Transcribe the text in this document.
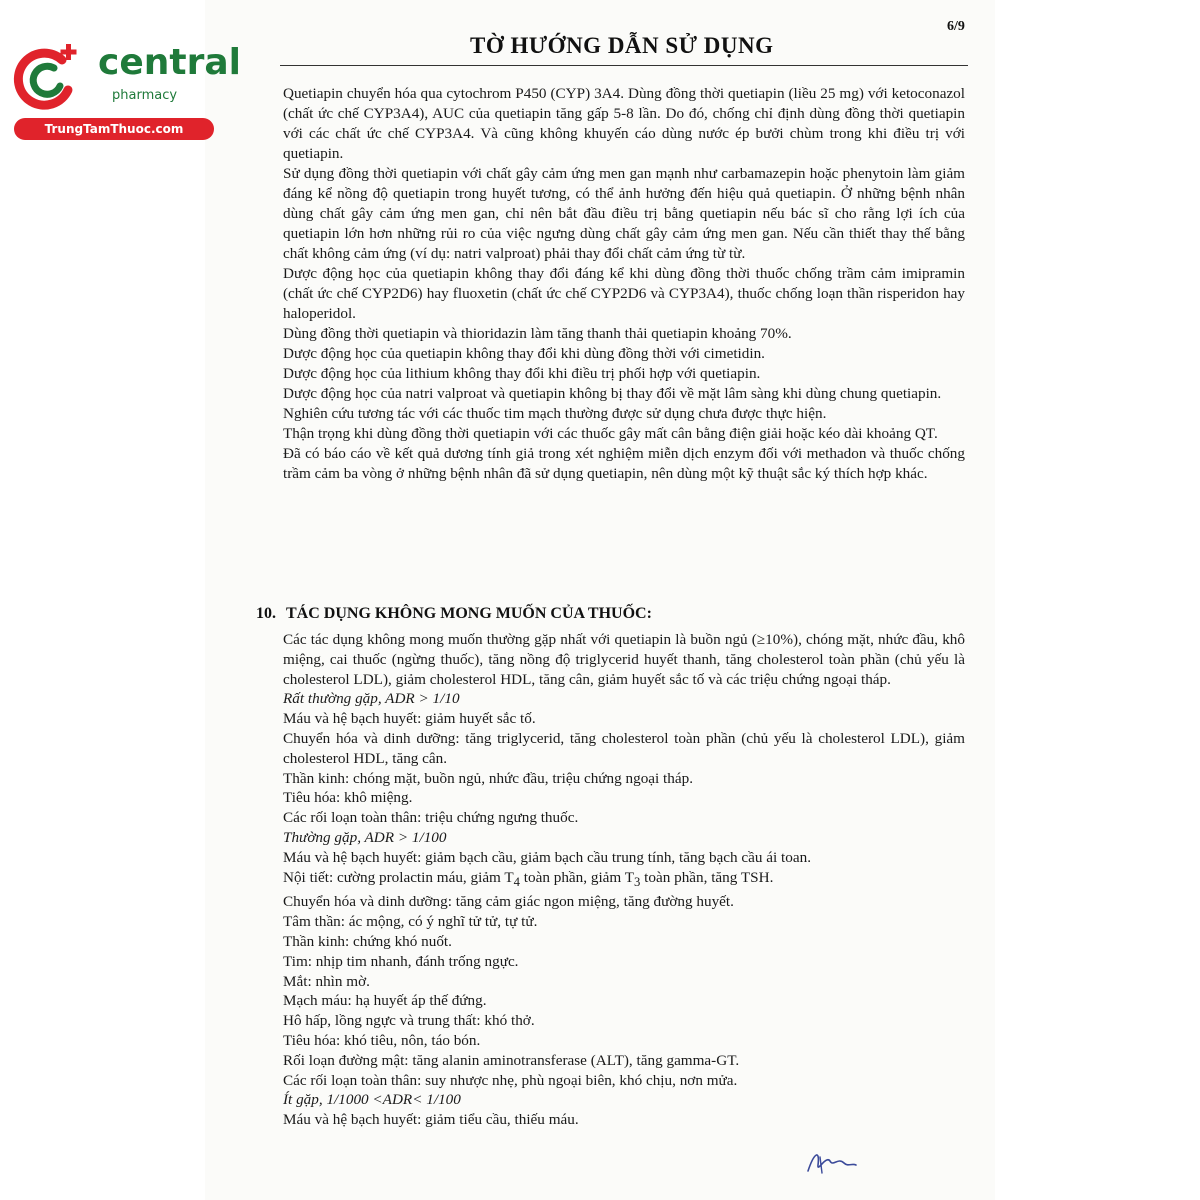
central
pharmacy
TrungTamThuoc.com
6/9
TỜ HƯỚNG DẪN SỬ DỤNG

Quetiapin chuyển hóa qua cytochrom P450 (CYP) 3A4. Dùng đồng thời quetiapin (liều 25 mg) với ketoconazol (chất ức chế CYP3A4), AUC của quetiapin tăng gấp 5-8 lần. Do đó, chống chỉ định dùng đồng thời quetiapin với các chất ức chế CYP3A4. Và cũng không khuyến cáo dùng nước ép bưởi chùm trong khi điều trị với quetiapin.

Sử dụng đồng thời quetiapin với chất gây cảm ứng men gan mạnh như carbamazepin hoặc phenytoin làm giảm đáng kể nồng độ quetiapin trong huyết tương, có thể ảnh hưởng đến hiệu quả quetiapin. Ở những bệnh nhân dùng chất gây cảm ứng men gan, chỉ nên bắt đầu điều trị bằng quetiapin nếu bác sĩ cho rằng lợi ích của quetiapin lớn hơn những rủi ro của việc ngưng dùng chất gây cảm ứng men gan. Nếu cần thiết thay thế bằng chất không cảm ứng (ví dụ: natri valproat) phải thay đổi chất cảm ứng từ từ.

Dược động học của quetiapin không thay đổi đáng kể khi dùng đồng thời thuốc chống trầm cảm imipramin (chất ức chế CYP2D6) hay fluoxetin (chất ức chế CYP2D6 và CYP3A4), thuốc chống loạn thần risperidon hay haloperidol.

Dùng đồng thời quetiapin và thioridazin làm tăng thanh thải quetiapin khoảng 70%.

Dược động học của quetiapin không thay đổi khi dùng đồng thời với cimetidin.

Dược động học của lithium không thay đổi khi điều trị phối hợp với quetiapin.

Dược động học của natri valproat và quetiapin không bị thay đổi về mặt lâm sàng khi dùng chung quetiapin.

Nghiên cứu tương tác với các thuốc tim mạch thường được sử dụng chưa được thực hiện.

Thận trọng khi dùng đồng thời quetiapin với các thuốc gây mất cân bằng điện giải hoặc kéo dài khoảng QT.

Đã có báo cáo về kết quả dương tính giả trong xét nghiệm miễn dịch enzym đối với methadon và thuốc chống trầm cảm ba vòng ở những bệnh nhân đã sử dụng quetiapin, nên dùng một kỹ thuật sắc ký thích hợp khác.

10. TÁC DỤNG KHÔNG MONG MUỐN CỦA THUỐC:

Các tác dụng không mong muốn thường gặp nhất với quetiapin là buồn ngủ (≥10%), chóng mặt, nhức đầu, khô miệng, cai thuốc (ngừng thuốc), tăng nồng độ triglycerid huyết thanh, tăng cholesterol toàn phần (chủ yếu là cholesterol LDL), giảm cholesterol HDL, tăng cân, giảm huyết sắc tố và các triệu chứng ngoại tháp.

Rất thường gặp, ADR > 1/10

Máu và hệ bạch huyết: giảm huyết sắc tố.

Chuyển hóa và dinh dưỡng: tăng triglycerid, tăng cholesterol toàn phần (chủ yếu là cholesterol LDL), giảm cholesterol HDL, tăng cân.

Thần kinh: chóng mặt, buồn ngủ, nhức đầu, triệu chứng ngoại tháp.

Tiêu hóa: khô miệng.

Các rối loạn toàn thân: triệu chứng ngưng thuốc.

Thường gặp, ADR > 1/100

Máu và hệ bạch huyết: giảm bạch cầu, giảm bạch cầu trung tính, tăng bạch cầu ái toan.

Nội tiết: cường prolactin máu, giảm $T_4$ toàn phần, giảm $T_3$ toàn phần, tăng TSH.

Chuyển hóa và dinh dưỡng: tăng cảm giác ngon miệng, tăng đường huyết.

Tâm thần: ác mộng, có ý nghĩ tử tử, tự tử.

Thần kinh: chứng khó nuốt.

Tim: nhịp tim nhanh, đánh trống ngực.

Mắt: nhìn mờ.

Mạch máu: hạ huyết áp thế đứng.

Hô hấp, lồng ngực và trung thất: khó thở.

Tiêu hóa: khó tiêu, nôn, táo bón.

Rối loạn đường mật: tăng alanin aminotransferase (ALT), tăng gamma-GT.

Các rối loạn toàn thân: suy nhược nhẹ, phù ngoại biên, khó chịu, nơn mửa.

Ít gặp, 1/1000 <ADR< 1/100

Máu và hệ bạch huyết: giảm tiểu cầu, thiếu máu.
